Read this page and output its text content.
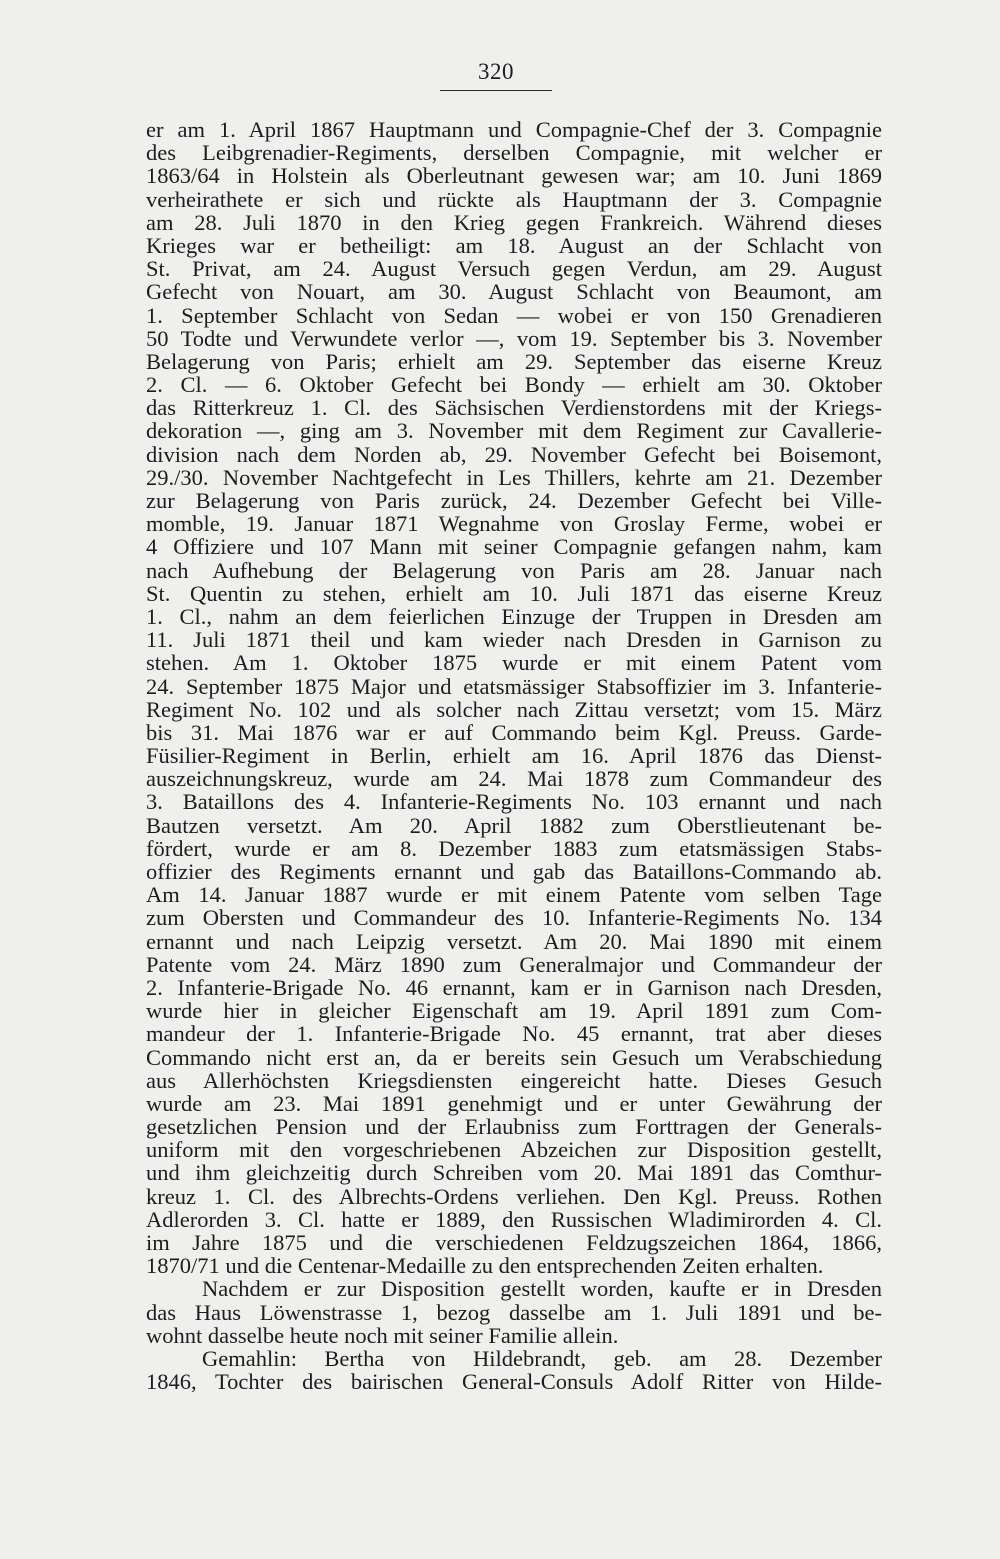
320
er am 1. April 1867 Hauptmann und Compagnie-Chef der 3. Compagnie
des Leibgrenadier-Regiments, derselben Compagnie, mit welcher er
1863/64 in Holstein als Oberleutnant gewesen war; am 10. Juni 1869
verheirathete er sich und rückte als Hauptmann der 3. Compagnie
am 28. Juli 1870 in den Krieg gegen Frankreich. Während dieses
Krieges war er betheiligt: am 18. August an der Schlacht von
St. Privat, am 24. August Versuch gegen Verdun, am 29. August
Gefecht von Nouart, am 30. August Schlacht von Beaumont, am
1. September Schlacht von Sedan — wobei er von 150 Grenadieren
50 Todte und Verwundete verlor —, vom 19. September bis 3. November
Belagerung von Paris; erhielt am 29. September das eiserne Kreuz
2. Cl. — 6. Oktober Gefecht bei Bondy — erhielt am 30. Oktober
das Ritterkreuz 1. Cl. des Sächsischen Verdienstordens mit der Kriegs-
dekoration —, ging am 3. November mit dem Regiment zur Cavallerie-
division nach dem Norden ab, 29. November Gefecht bei Boisemont,
29./30. November Nachtgefecht in Les Thillers, kehrte am 21. Dezember
zur Belagerung von Paris zurück, 24. Dezember Gefecht bei Ville-
momble, 19. Januar 1871 Wegnahme von Groslay Ferme, wobei er
4 Offiziere und 107 Mann mit seiner Compagnie gefangen nahm, kam
nach Aufhebung der Belagerung von Paris am 28. Januar nach
St. Quentin zu stehen, erhielt am 10. Juli 1871 das eiserne Kreuz
1. Cl., nahm an dem feierlichen Einzuge der Truppen in Dresden am
11. Juli 1871 theil und kam wieder nach Dresden in Garnison zu
stehen. Am 1. Oktober 1875 wurde er mit einem Patent vom
24. September 1875 Major und etatsmässiger Stabsoffizier im 3. Infanterie-
Regiment No. 102 und als solcher nach Zittau versetzt; vom 15. März
bis 31. Mai 1876 war er auf Commando beim Kgl. Preuss. Garde-
Füsilier-Regiment in Berlin, erhielt am 16. April 1876 das Dienst-
auszeichnungskreuz, wurde am 24. Mai 1878 zum Commandeur des
3. Bataillons des 4. Infanterie-Regiments No. 103 ernannt und nach
Bautzen versetzt. Am 20. April 1882 zum Oberstlieutenant be-
fördert, wurde er am 8. Dezember 1883 zum etatsmässigen Stabs-
offizier des Regiments ernannt und gab das Bataillons-Commando ab.
Am 14. Januar 1887 wurde er mit einem Patente vom selben Tage
zum Obersten und Commandeur des 10. Infanterie-Regiments No. 134
ernannt und nach Leipzig versetzt. Am 20. Mai 1890 mit einem
Patente vom 24. März 1890 zum Generalmajor und Commandeur der
2. Infanterie-Brigade No. 46 ernannt, kam er in Garnison nach Dresden,
wurde hier in gleicher Eigenschaft am 19. April 1891 zum Com-
mandeur der 1. Infanterie-Brigade No. 45 ernannt, trat aber dieses
Commando nicht erst an, da er bereits sein Gesuch um Verabschiedung
aus Allerhöchsten Kriegsdiensten eingereicht hatte. Dieses Gesuch
wurde am 23. Mai 1891 genehmigt und er unter Gewährung der
gesetzlichen Pension und der Erlaubniss zum Forttragen der Generals-
uniform mit den vorgeschriebenen Abzeichen zur Disposition gestellt,
und ihm gleichzeitig durch Schreiben vom 20. Mai 1891 das Comthur-
kreuz 1. Cl. des Albrechts-Ordens verliehen. Den Kgl. Preuss. Rothen
Adlerorden 3. Cl. hatte er 1889, den Russischen Wladimirorden 4. Cl.
im Jahre 1875 und die verschiedenen Feldzugszeichen 1864, 1866,
1870/71 und die Centenar-Medaille zu den entsprechenden Zeiten erhalten.
Nachdem er zur Disposition gestellt worden, kaufte er in Dresden
das Haus Löwenstrasse 1, bezog dasselbe am 1. Juli 1891 und be-
wohnt dasselbe heute noch mit seiner Familie allein.
Gemahlin: Bertha von Hildebrandt, geb. am 28. Dezember
1846, Tochter des bairischen General-Consuls Adolf Ritter von Hilde-
